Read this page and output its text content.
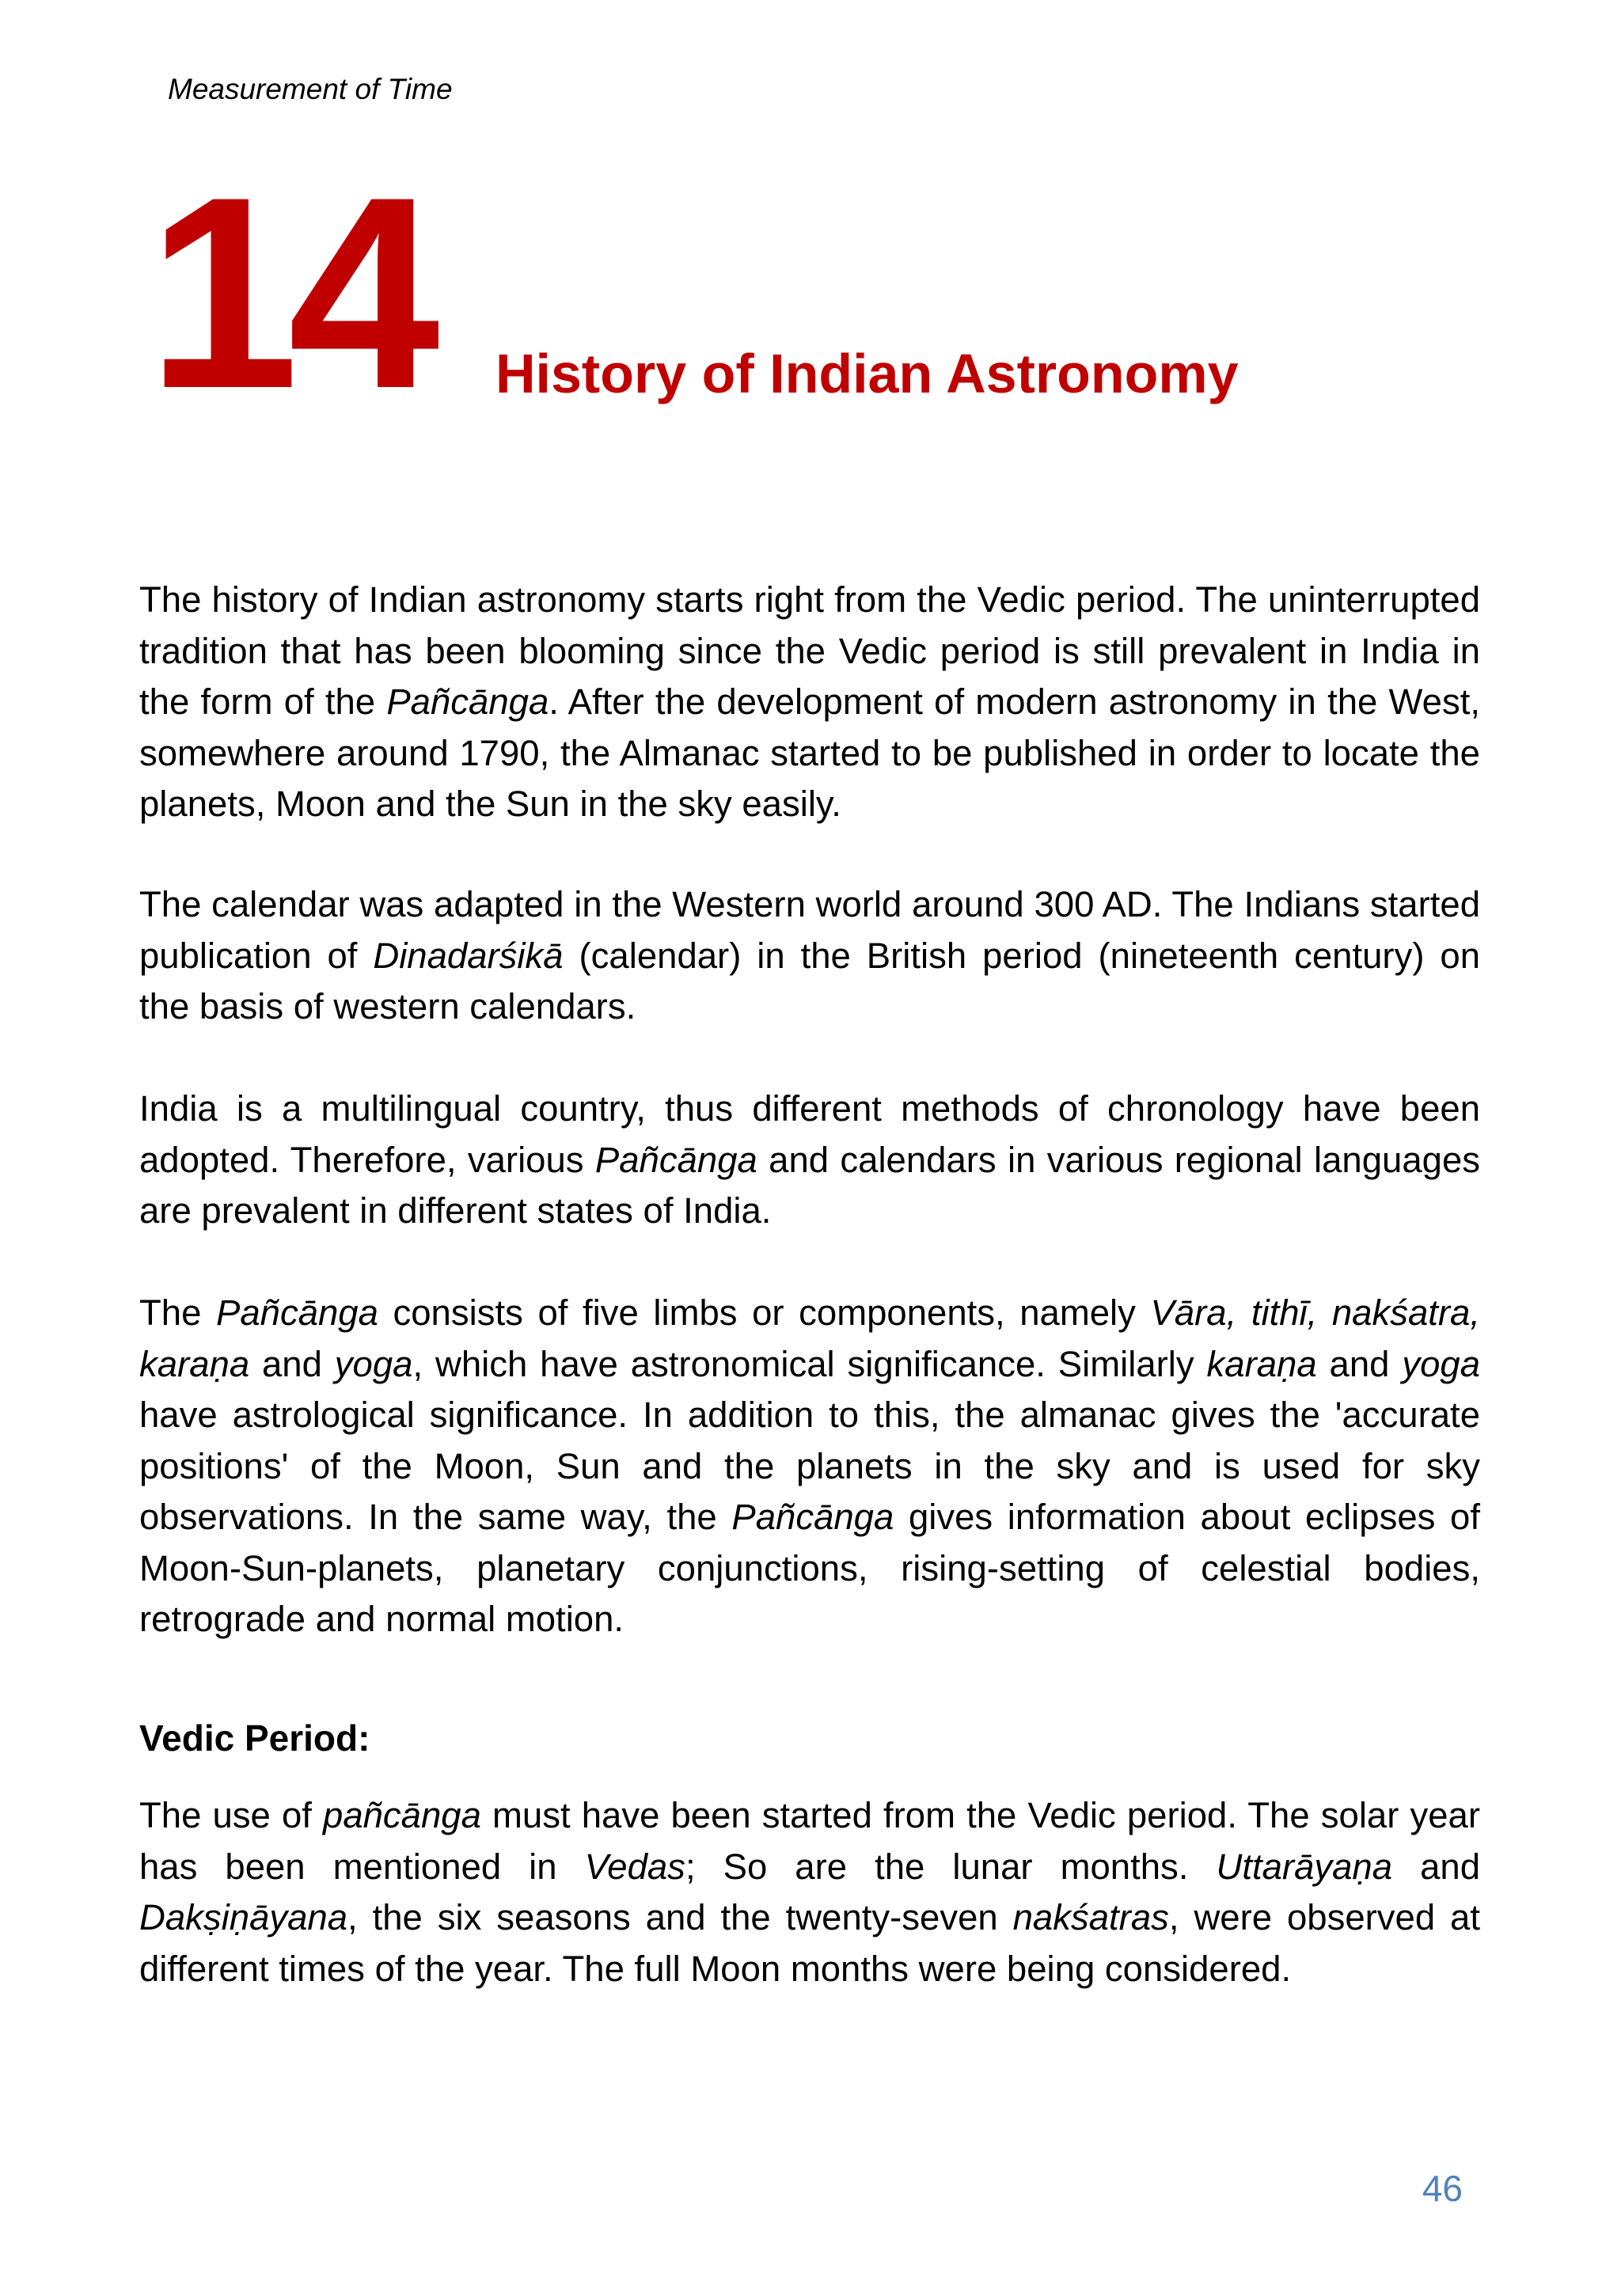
Measurement of Time
14 History of Indian Astronomy

The history of Indian astronomy starts right from the Vedic period. The uninterrupted tradition that has been blooming since the Vedic period is still prevalent in India in the form of the Pañcānga. After the development of modern astronomy in the West, somewhere around 1790, the Almanac started to be published in order to locate the planets, Moon and the Sun in the sky easily.

The calendar was adapted in the Western world around 300 AD. The Indians started publication of Dinadarśikā (calendar) in the British period (nineteenth century) on the basis of western calendars.

India is a multilingual country, thus different methods of chronology have been adopted. Therefore, various Pañcānga and calendars in various regional languages are prevalent in different states of India.

The Pañcānga consists of five limbs or components, namely Vāra, tithī, nakśatra, karaṇa and yoga, which have astronomical significance. Similarly karaṇa and yoga have astrological significance. In addition to this, the almanac gives the 'accurate positions' of the Moon, Sun and the planets in the sky and is used for sky observations. In the same way, the Pañcānga gives information about eclipses of Moon-Sun-planets, planetary conjunctions, rising-setting of celestial bodies, retrograde and normal motion.

Vedic Period:

The use of pañcānga must have been started from the Vedic period. The solar year has been mentioned in Vedas; So are the lunar months. Uttarāyaṇa and Dakṣiṇāyana, the six seasons and the twenty-seven nakśatras, were observed at different times of the year. The full Moon months were being considered.

46
